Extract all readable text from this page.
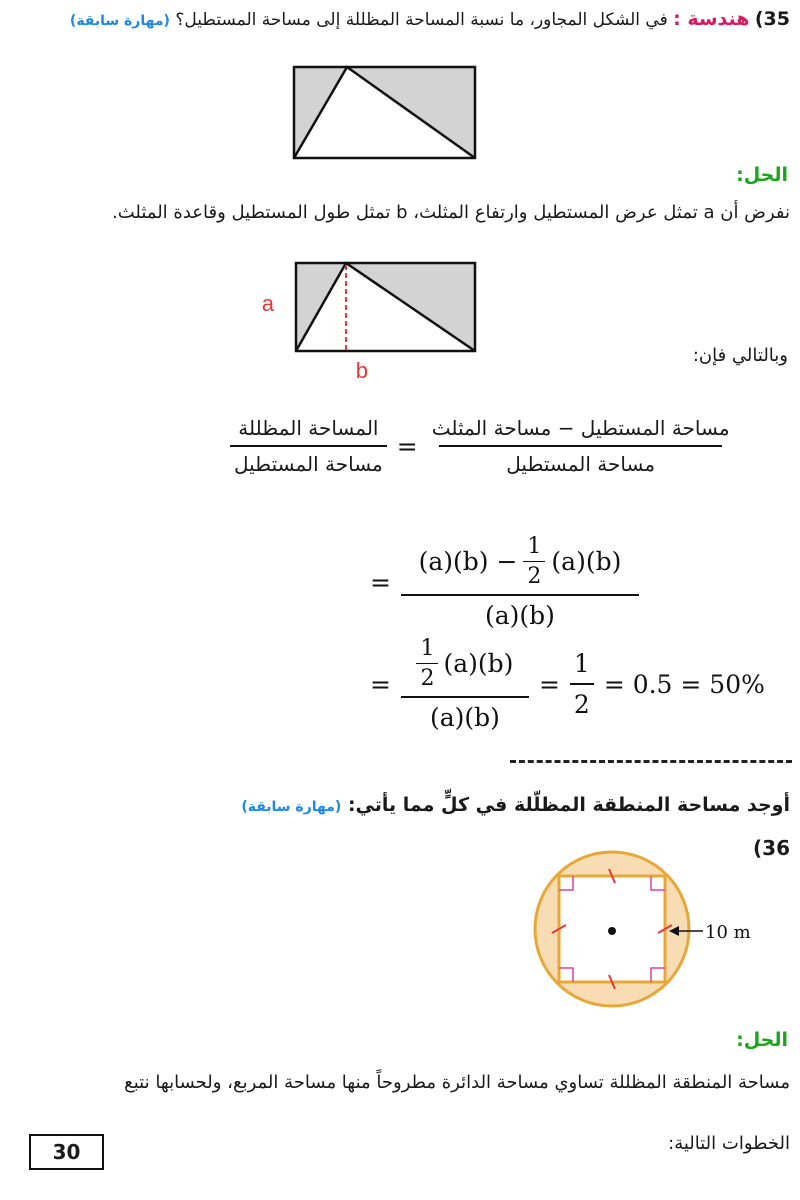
35) هندسة : في الشكل المجاور، ما نسبة المساحة المظللة إلى مساحة المستطيل؟ (مهارة سابقة)
الحل:
نفرض أن a تمثل عرض المستطيل وارتفاع المثلث، b تمثل طول المستطيل وقاعدة المثلث.
a
b
وبالتالي فإن:
$\frac{\text{المساحة المظللة}}{\text{مساحة المستطيل}} = \frac{\text{مساحة المستطيل − مساحة المثلث}}{\text{مساحة المستطيل}}$
= $\frac{(a)(b) - \frac{1}{2} (a)(b)}{(a)(b)}$
= $\frac{\frac{1}{2} (a)(b)}{(a)(b)} = \frac{1}{2} = 0.5 = 50\%$
أوجد مساحة المنطقة المظلّلة في كلٍّ مما يأتي: (مهارة سابقة)
(36
10 m
الحل:
مساحة المنطقة المظللة تساوي مساحة الدائرة مطروحاً منها مساحة المربع، ولحسابها نتبع
الخطوات التالية:
30
